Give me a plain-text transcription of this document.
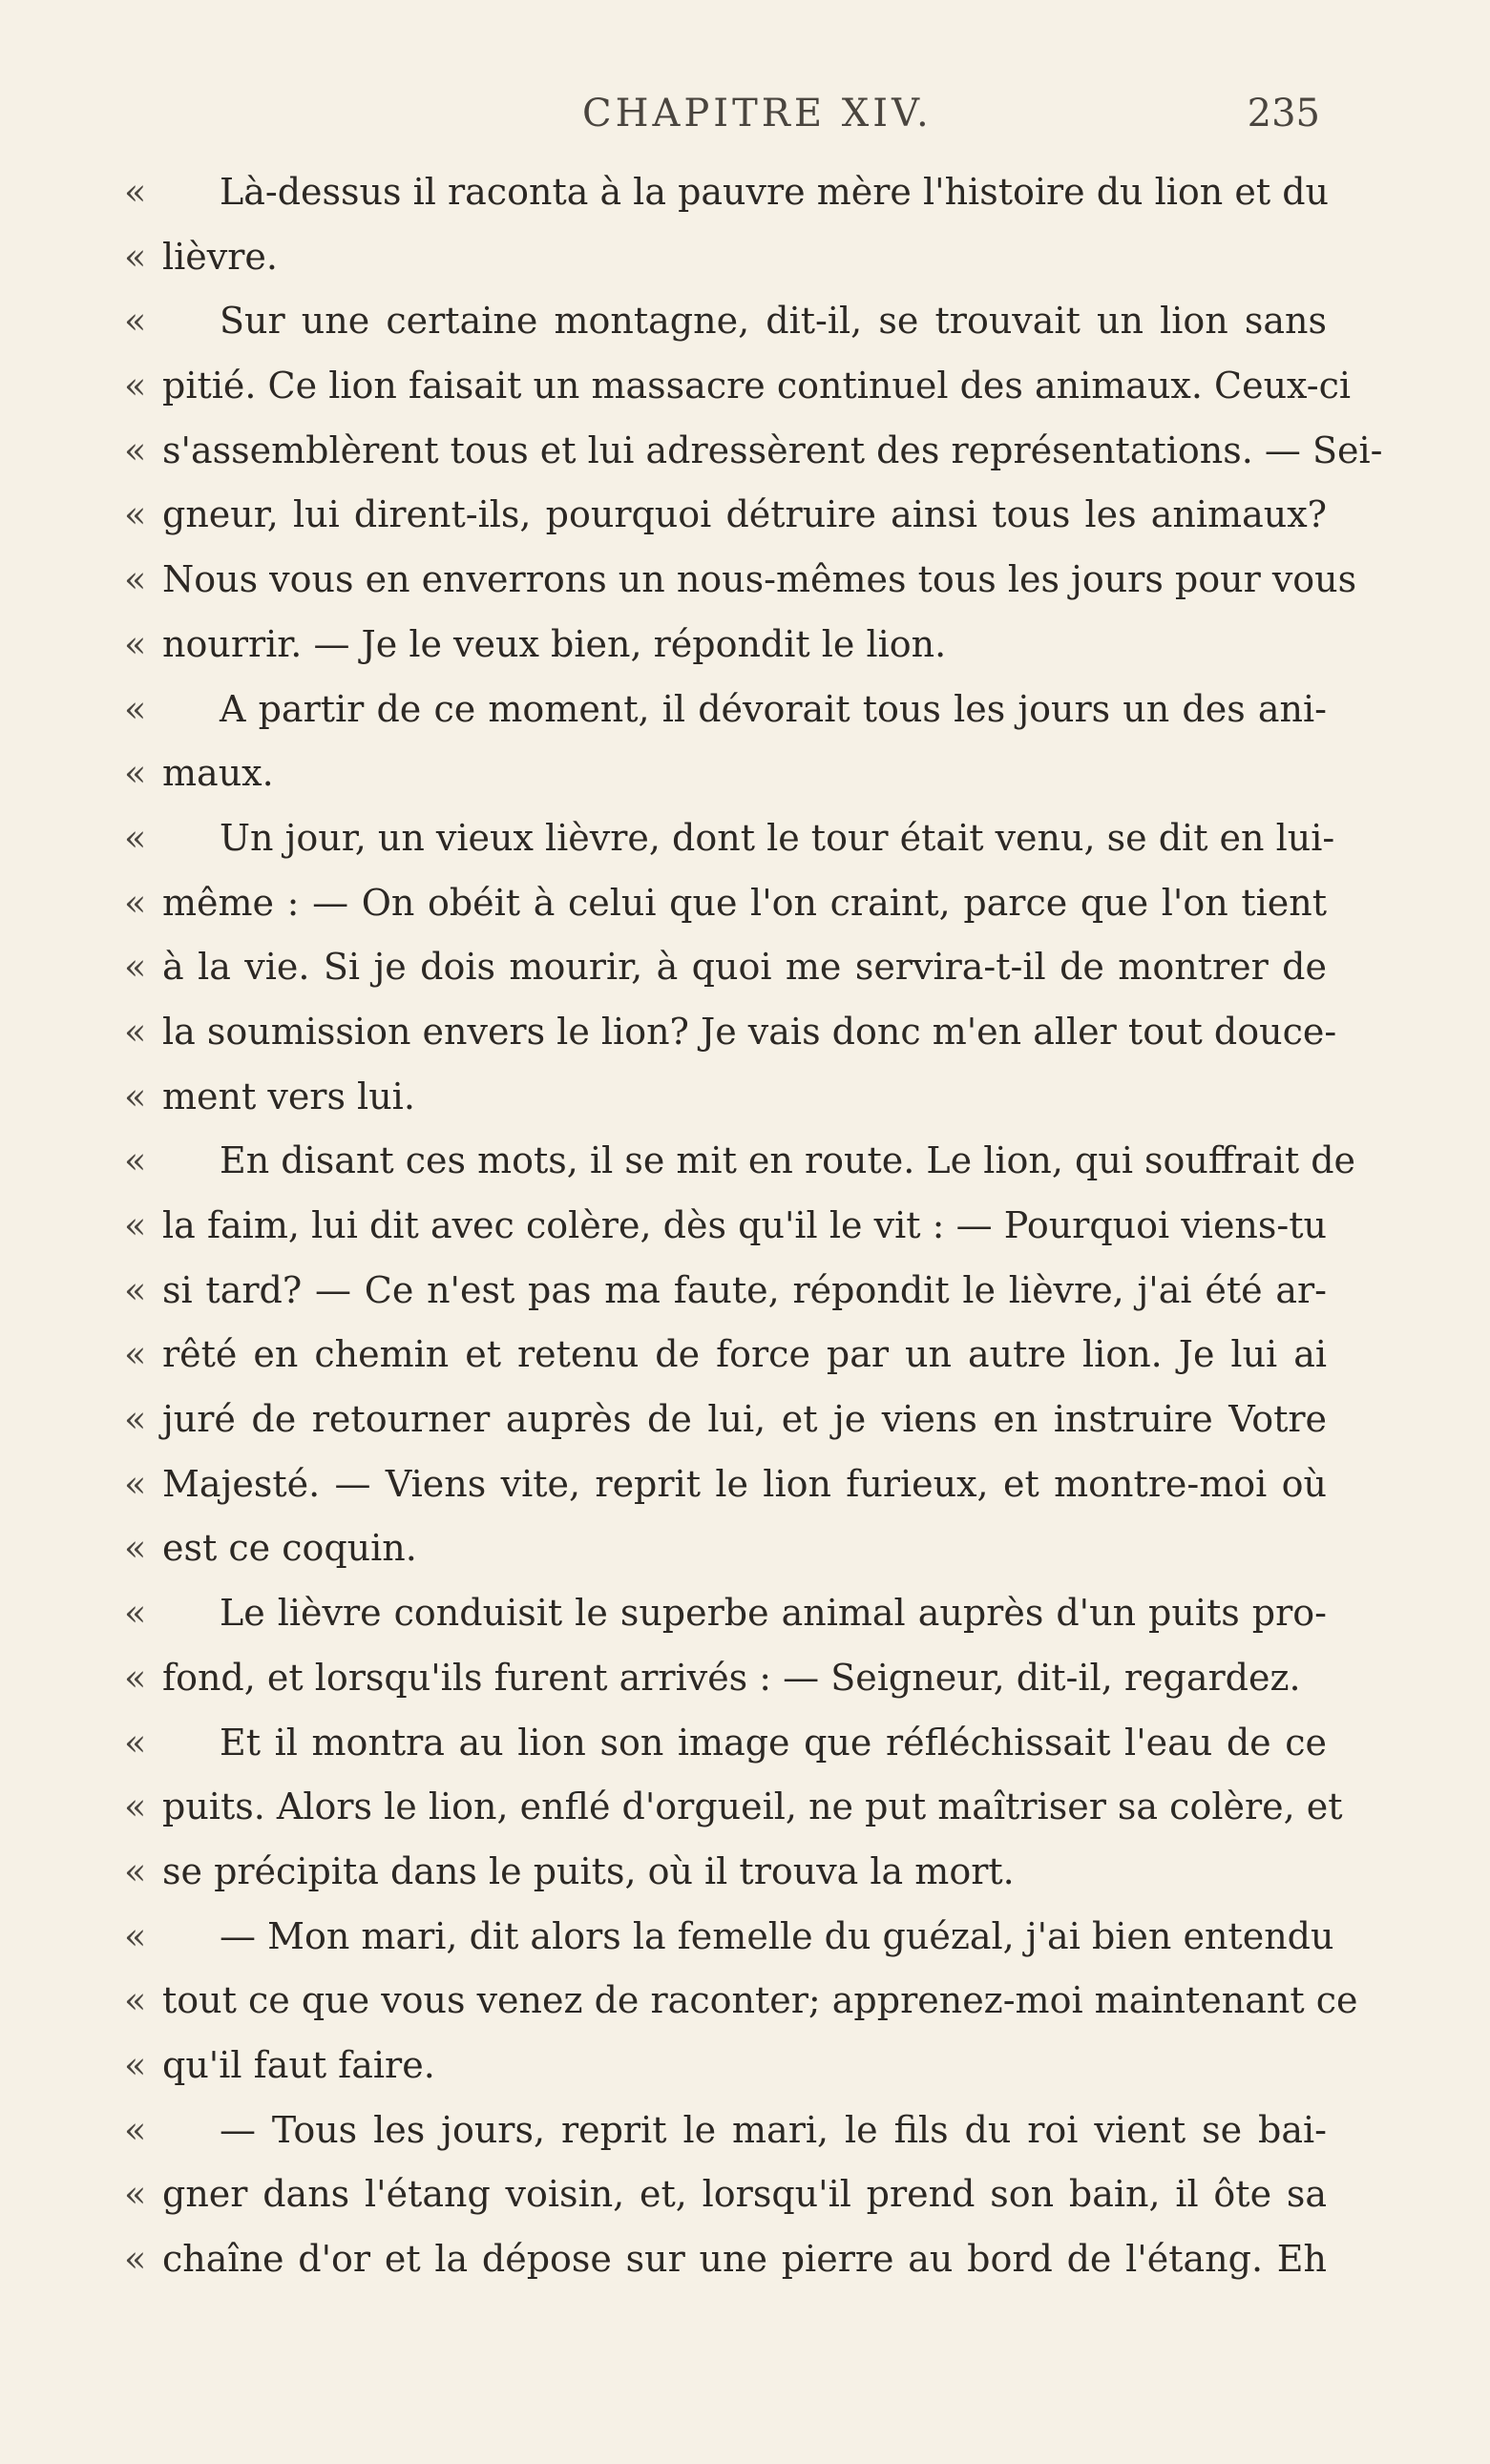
CHAPITRE XIV.	235
«	Là-dessus il raconta à la pauvre mère l'histoire du lion et du
« lièvre.
«	Sur une certaine montagne, dit-il, se trouvait un lion sans
« pitié. Ce lion faisait un massacre continuel des animaux. Ceux-ci
« s'assemblèrent tous et lui adressèrent des représentations. — Sei-
« gneur, lui dirent-ils, pourquoi détruire ainsi tous les animaux?
« Nous vous en enverrons un nous-mêmes tous les jours pour vous
« nourrir. — Je le veux bien, répondit le lion.
«	A partir de ce moment, il dévorait tous les jours un des ani-
« maux.
«	Un jour, un vieux lièvre, dont le tour était venu, se dit en lui-
« même : — On obéit à celui que l'on craint, parce que l'on tient
« à la vie. Si je dois mourir, à quoi me servira-t-il de montrer de
« la soumission envers le lion? Je vais donc m'en aller tout douce-
« ment vers lui.
«	En disant ces mots, il se mit en route. Le lion, qui souffrait de
« la faim, lui dit avec colère, dès qu'il le vit : — Pourquoi viens-tu
« si tard? — Ce n'est pas ma faute, répondit le lièvre, j'ai été ar-
« rêté en chemin et retenu de force par un autre lion. Je lui ai
« juré de retourner auprès de lui, et je viens en instruire Votre
« Majesté. — Viens vite, reprit le lion furieux, et montre-moi où
« est ce coquin.
«	Le lièvre conduisit le superbe animal auprès d'un puits pro-
« fond, et lorsqu'ils furent arrivés : — Seigneur, dit-il, regardez.
«	Et il montra au lion son image que réfléchissait l'eau de ce
« puits. Alors le lion, enflé d'orgueil, ne put maîtriser sa colère, et
« se précipita dans le puits, où il trouva la mort.
«	— Mon mari, dit alors la femelle du guézal, j'ai bien entendu
« tout ce que vous venez de raconter; apprenez-moi maintenant ce
« qu'il faut faire.
«	— Tous les jours, reprit le mari, le fils du roi vient se bai-
« gner dans l'étang voisin, et, lorsqu'il prend son bain, il ôte sa
« chaîne d'or et la dépose sur une pierre au bord de l'étang. Eh
